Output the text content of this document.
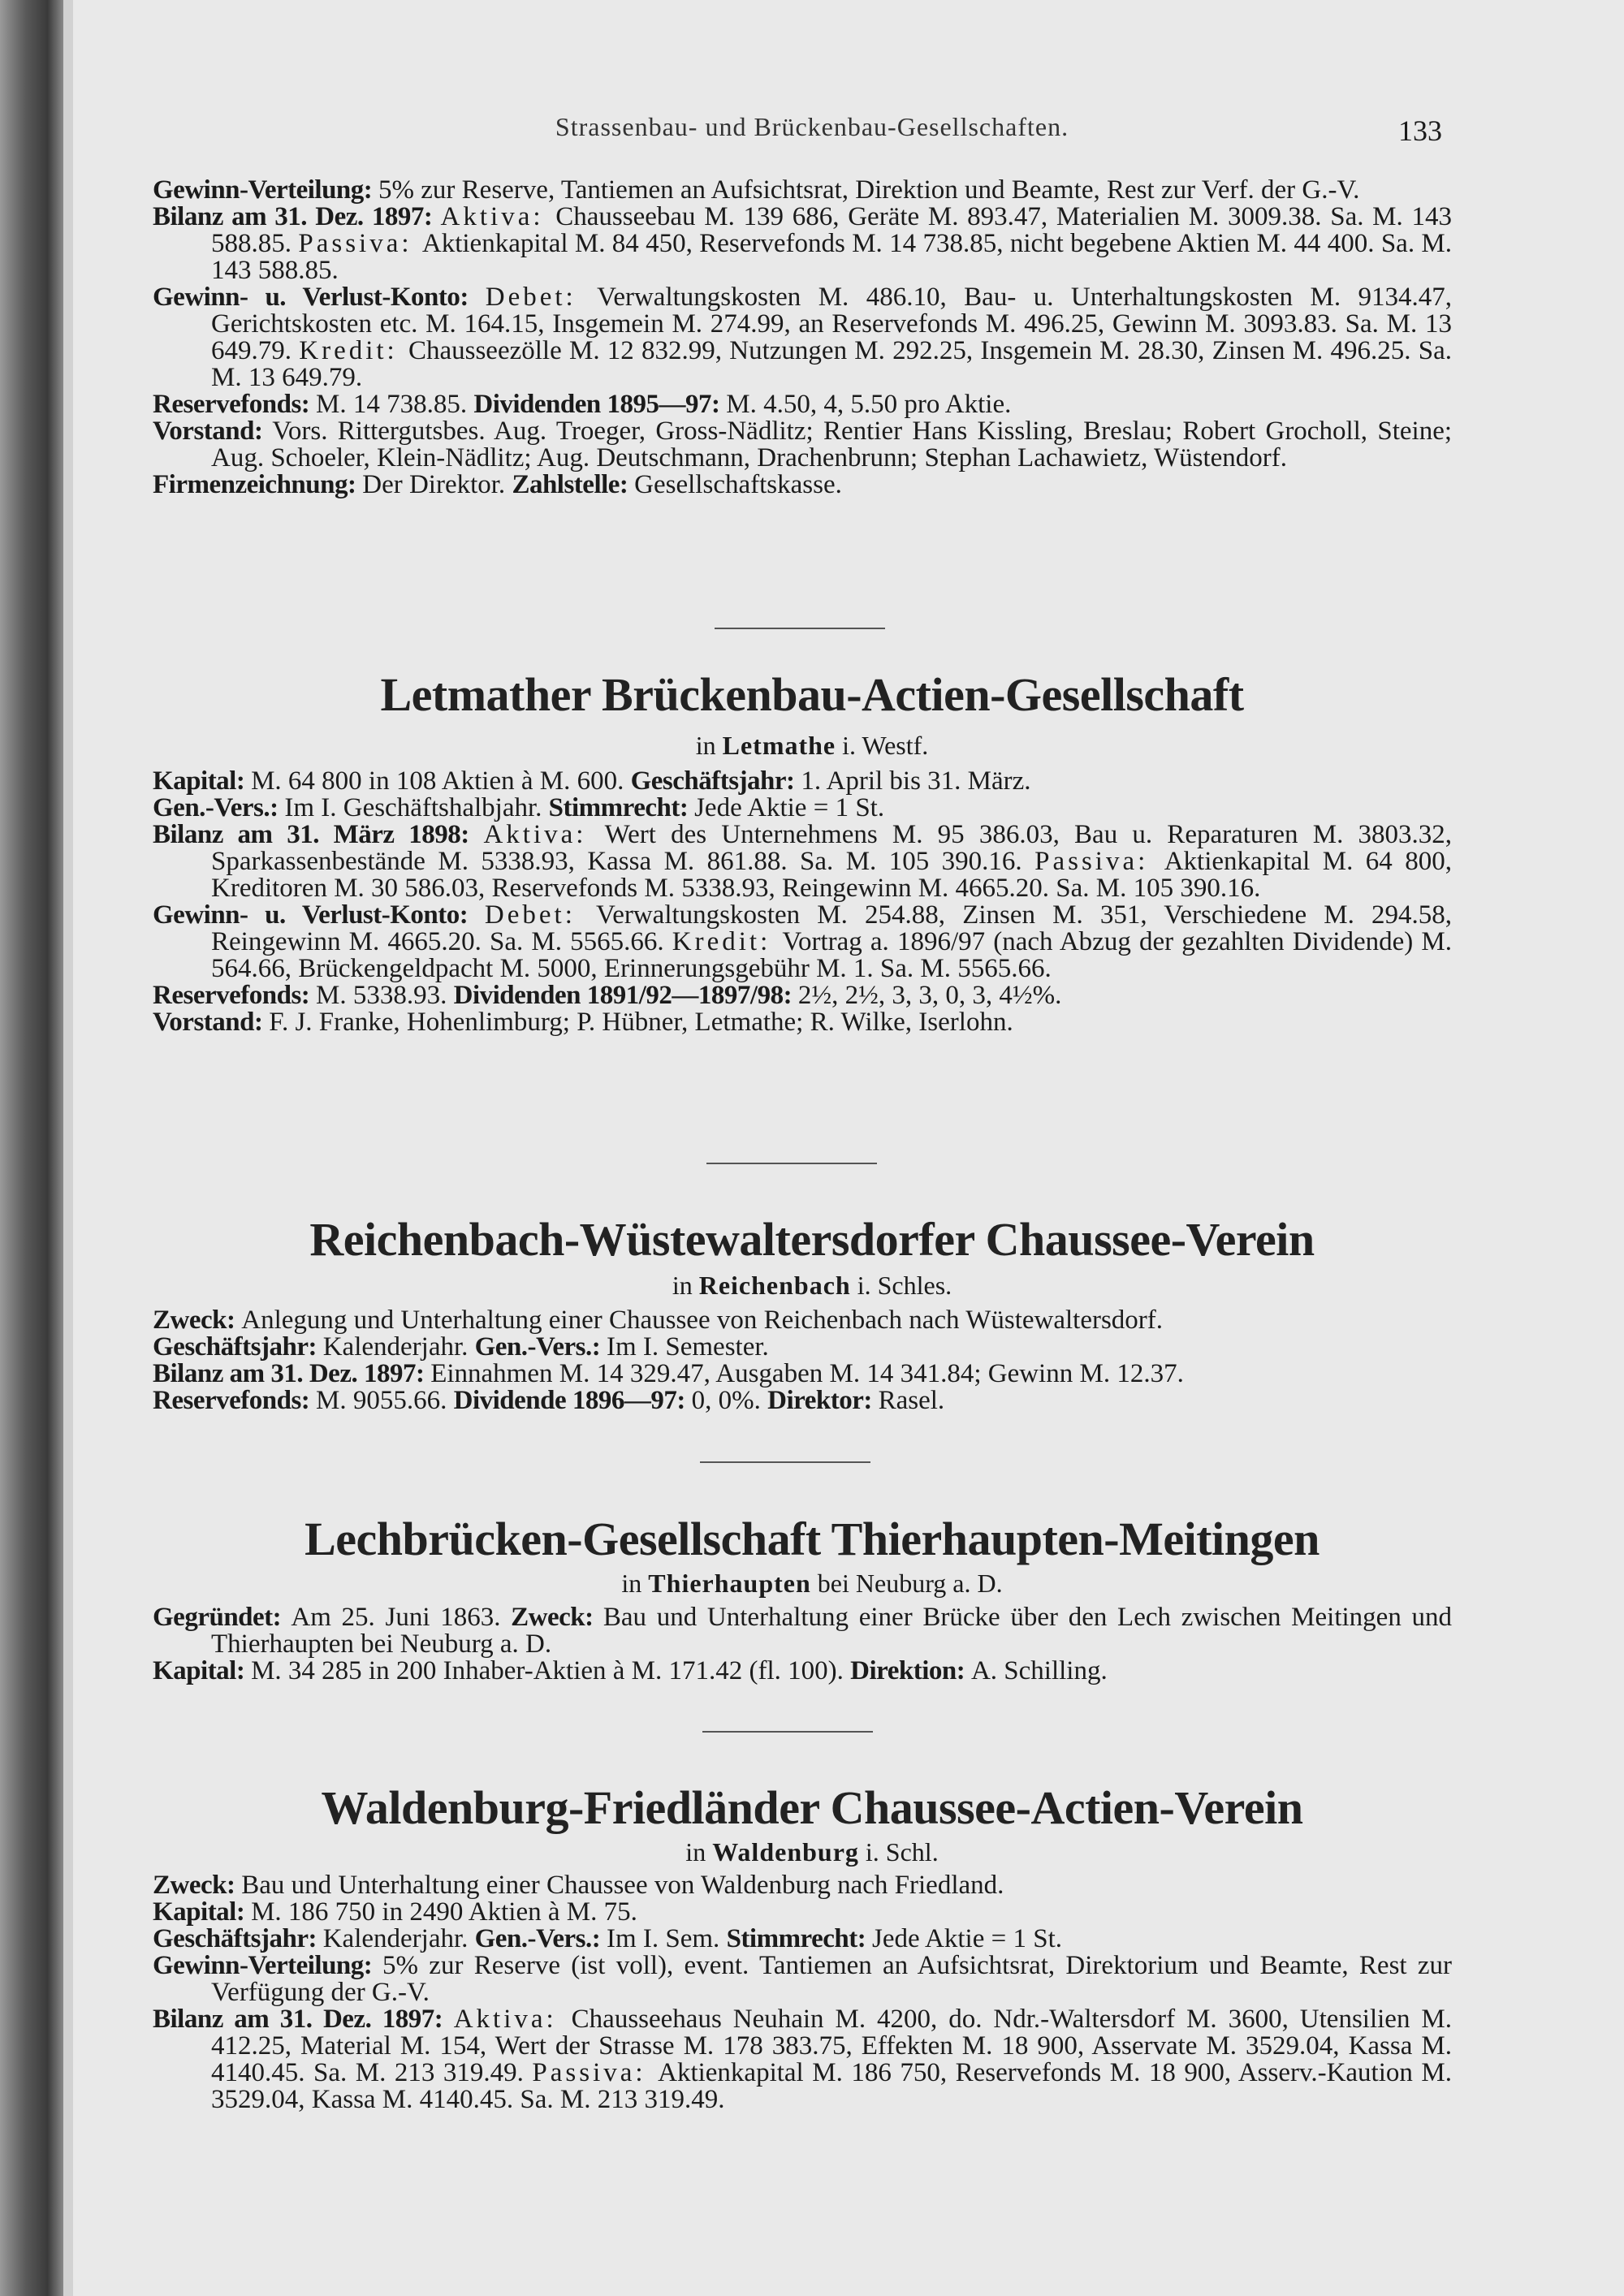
Strassenbau- und Brückenbau-Gesellschaften.	133

Gewinn-Verteilung: 5% zur Reserve, Tantiemen an Aufsichtsrat, Direktion und Beamte, Rest zur Verf. der G.-V.

Bilanz am 31. Dez. 1897: Aktiva: Chausseebau M. 139 686, Geräte M. 893.47, Materialien M. 3009.38. Sa. M. 143 588.85. Passiva: Aktienkapital M. 84 450, Reservefonds M. 14 738.85, nicht begebene Aktien M. 44 400. Sa. M. 143 588.85.

Gewinn- u. Verlust-Konto: Debet: Verwaltungskosten M. 486.10, Bau- u. Unterhaltungskosten M. 9134.47, Gerichtskosten etc. M. 164.15, Insgemein M. 274.99, an Reservefonds M. 496.25, Gewinn M. 3093.83. Sa. M. 13 649.79. Kredit: Chausseezölle M. 12 832.99, Nutzungen M. 292.25, Insgemein M. 28.30, Zinsen M. 496.25. Sa. M. 13 649.79.

Reservefonds: M. 14 738.85. Dividenden 1895—97: M. 4.50, 4, 5.50 pro Aktie.

Vorstand: Vors. Rittergutsbes. Aug. Troeger, Gross-Nädlitz; Rentier Hans Kissling, Breslau; Robert Grocholl, Steine; Aug. Schoeler, Klein-Nädlitz; Aug. Deutschmann, Drachenbrunn; Stephan Lachawietz, Wüstendorf.

Firmenzeichnung: Der Direktor. Zahlstelle: Gesellschaftskasse.

Letmather Brückenbau-Actien-Gesellschaft
in Letmathe i. Westf.

Kapital: M. 64 800 in 108 Aktien à M. 600. Geschäftsjahr: 1. April bis 31. März.

Gen.-Vers.: Im I. Geschäftshalbjahr. Stimmrecht: Jede Aktie = 1 St.

Bilanz am 31. März 1898: Aktiva: Wert des Unternehmens M. 95 386.03, Bau u. Reparaturen M. 3803.32, Sparkassenbestände M. 5338.93, Kassa M. 861.88. Sa. M. 105 390.16. Passiva: Aktienkapital M. 64 800, Kreditoren M. 30 586.03, Reservefonds M. 5338.93, Reingewinn M. 4665.20. Sa. M. 105 390.16.

Gewinn- u. Verlust-Konto: Debet: Verwaltungskosten M. 254.88, Zinsen M. 351, Verschiedene M. 294.58, Reingewinn M. 4665.20. Sa. M. 5565.66. Kredit: Vortrag a. 1896/97 (nach Abzug der gezahlten Dividende) M. 564.66, Brückengeldpacht M. 5000, Erinnerungsgebühr M. 1. Sa. M. 5565.66.

Reservefonds: M. 5338.93. Dividenden 1891/92—1897/98: 2½, 2½, 3, 3, 0, 3, 4½%.

Vorstand: F. J. Franke, Hohenlimburg; P. Hübner, Letmathe; R. Wilke, Iserlohn.

Reichenbach-Wüstewaltersdorfer Chaussee-Verein
in Reichenbach i. Schles.

Zweck: Anlegung und Unterhaltung einer Chaussee von Reichenbach nach Wüstewaltersdorf.

Geschäftsjahr: Kalenderjahr. Gen.-Vers.: Im I. Semester.

Bilanz am 31. Dez. 1897: Einnahmen M. 14 329.47, Ausgaben M. 14 341.84; Gewinn M. 12.37.

Reservefonds: M. 9055.66. Dividende 1896—97: 0, 0%. Direktor: Rasel.

Lechbrücken-Gesellschaft Thierhaupten-Meitingen
in Thierhaupten bei Neuburg a. D.

Gegründet: Am 25. Juni 1863. Zweck: Bau und Unterhaltung einer Brücke über den Lech zwischen Meitingen und Thierhaupten bei Neuburg a. D.

Kapital: M. 34 285 in 200 Inhaber-Aktien à M. 171.42 (fl. 100). Direktion: A. Schilling.

Waldenburg-Friedländer Chaussee-Actien-Verein
in Waldenburg i. Schl.

Zweck: Bau und Unterhaltung einer Chaussee von Waldenburg nach Friedland.

Kapital: M. 186 750 in 2490 Aktien à M. 75.

Geschäftsjahr: Kalenderjahr. Gen.-Vers.: Im I. Sem. Stimmrecht: Jede Aktie = 1 St.

Gewinn-Verteilung: 5% zur Reserve (ist voll), event. Tantiemen an Aufsichtsrat, Direktorium und Beamte, Rest zur Verfügung der G.-V.

Bilanz am 31. Dez. 1897: Aktiva: Chausseehaus Neuhain M. 4200, do. Ndr.-Waltersdorf M. 3600, Utensilien M. 412.25, Material M. 154, Wert der Strasse M. 178 383.75, Effekten M. 18 900, Asservate M. 3529.04, Kassa M. 4140.45. Sa. M. 213 319.49. Passiva: Aktienkapital M. 186 750, Reservefonds M. 18 900, Asserv.-Kaution M. 3529.04, Kassa M. 4140.45. Sa. M. 213 319.49.
